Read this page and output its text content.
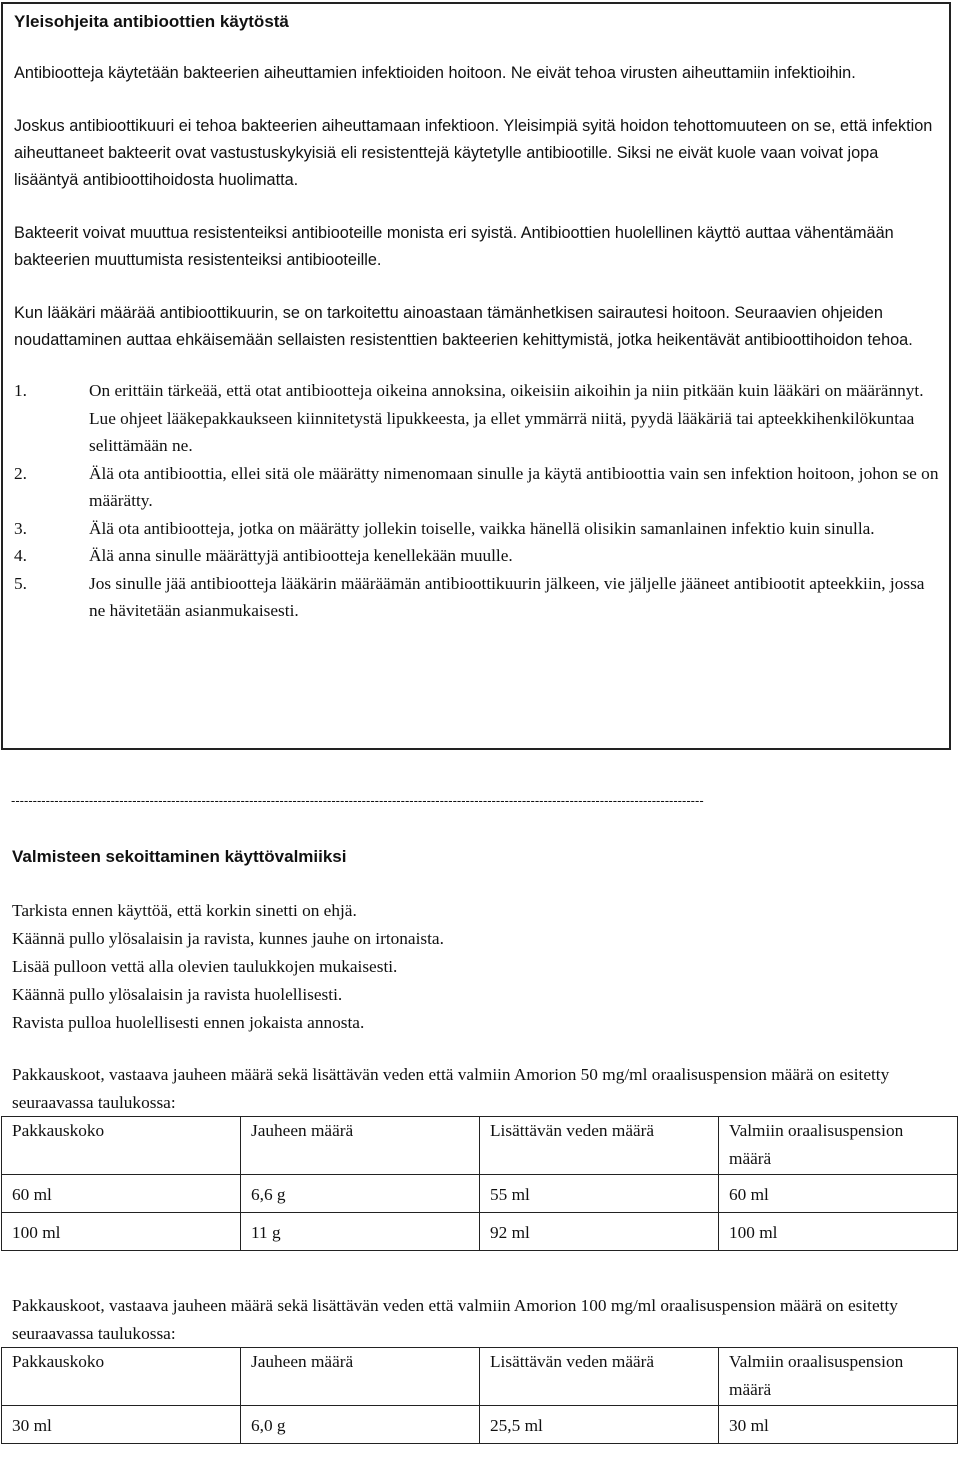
Yleisohjeita antibioottien käytöstä

Antibiootteja käytetään bakteerien aiheuttamien infektioiden hoitoon. Ne eivät tehoa virusten aiheuttamiin infektioihin.

Joskus antibioottikuuri ei tehoa bakteerien aiheuttamaan infektioon. Yleisimpiä syitä hoidon tehottomuuteen on se, että infektion aiheuttaneet bakteerit ovat vastustuskykyisiä eli resistenttejä käytetylle antibiootille. Siksi ne eivät kuole vaan voivat jopa lisääntyä antibioottihoidosta huolimatta.

Bakteerit voivat muuttua resistenteiksi antibiooteille monista eri syistä. Antibioottien huolellinen käyttö auttaa vähentämään bakteerien muuttumista resistenteiksi antibiooteille.

Kun lääkäri määrää antibioottikuurin, se on tarkoitettu ainoastaan tämänhetkisen sairautesi hoitoon. Seuraavien ohjeiden noudattaminen auttaa ehkäisemään sellaisten resistenttien bakteerien kehittymistä, jotka heikentävät antibioottihoidon tehoa.

1.	On erittäin tärkeää, että otat antibiootteja oikeina annoksina, oikeisiin aikoihin ja niin pitkään kuin lääkäri on määrännyt. Lue ohjeet lääkepakkaukseen kiinnitetystä lipukkeesta, ja ellet ymmärrä niitä, pyydä lääkäriä tai apteekkihenkilökuntaa selittämään ne.
2.	Älä ota antibioottia, ellei sitä ole määrätty nimenomaan sinulle ja käytä antibioottia vain sen infektion hoitoon, johon se on määrätty.
3.	Älä ota antibiootteja, jotka on määrätty jollekin toiselle, vaikka hänellä olisikin samanlainen infektio kuin sinulla.
4.	Älä anna sinulle määrättyjä antibiootteja kenellekään muulle.
5.	Jos sinulle jää antibiootteja lääkärin määräämän antibioottikuurin jälkeen, vie jäljelle jääneet antibiootit apteekkiin, jossa ne hävitetään asianmukaisesti.
----------------------------------------------------------------------------------------------------------------------------------------------------------------
Valmisteen sekoittaminen käyttövalmiiksi
Tarkista ennen käyttöä, että korkin sinetti on ehjä.
Käännä pullo ylösalaisin ja ravista, kunnes jauhe on irtonaista.
Lisää pulloon vettä alla olevien taulukkojen mukaisesti.
Käännä pullo ylösalaisin ja ravista huolellisesti.
Ravista pulloa huolellisesti ennen jokaista annosta.
Pakkauskoot, vastaava jauheen määrä sekä lisättävän veden että valmiin Amorion 50 mg/ml oraalisuspension määrä on esitetty seuraavassa taulukossa:
Pakkauskoko	Jauheen määrä	Lisättävän veden määrä	Valmiin oraalisuspension määrä
60 ml	6,6 g	55 ml	60 ml
100 ml	11 g	92 ml	100 ml
Pakkauskoot, vastaava jauheen määrä sekä lisättävän veden että valmiin Amorion 100 mg/ml oraalisuspension määrä on esitetty seuraavassa taulukossa:
Pakkauskoko	Jauheen määrä	Lisättävän veden määrä	Valmiin oraalisuspension määrä
30 ml	6,0 g	25,5 ml	30 ml
